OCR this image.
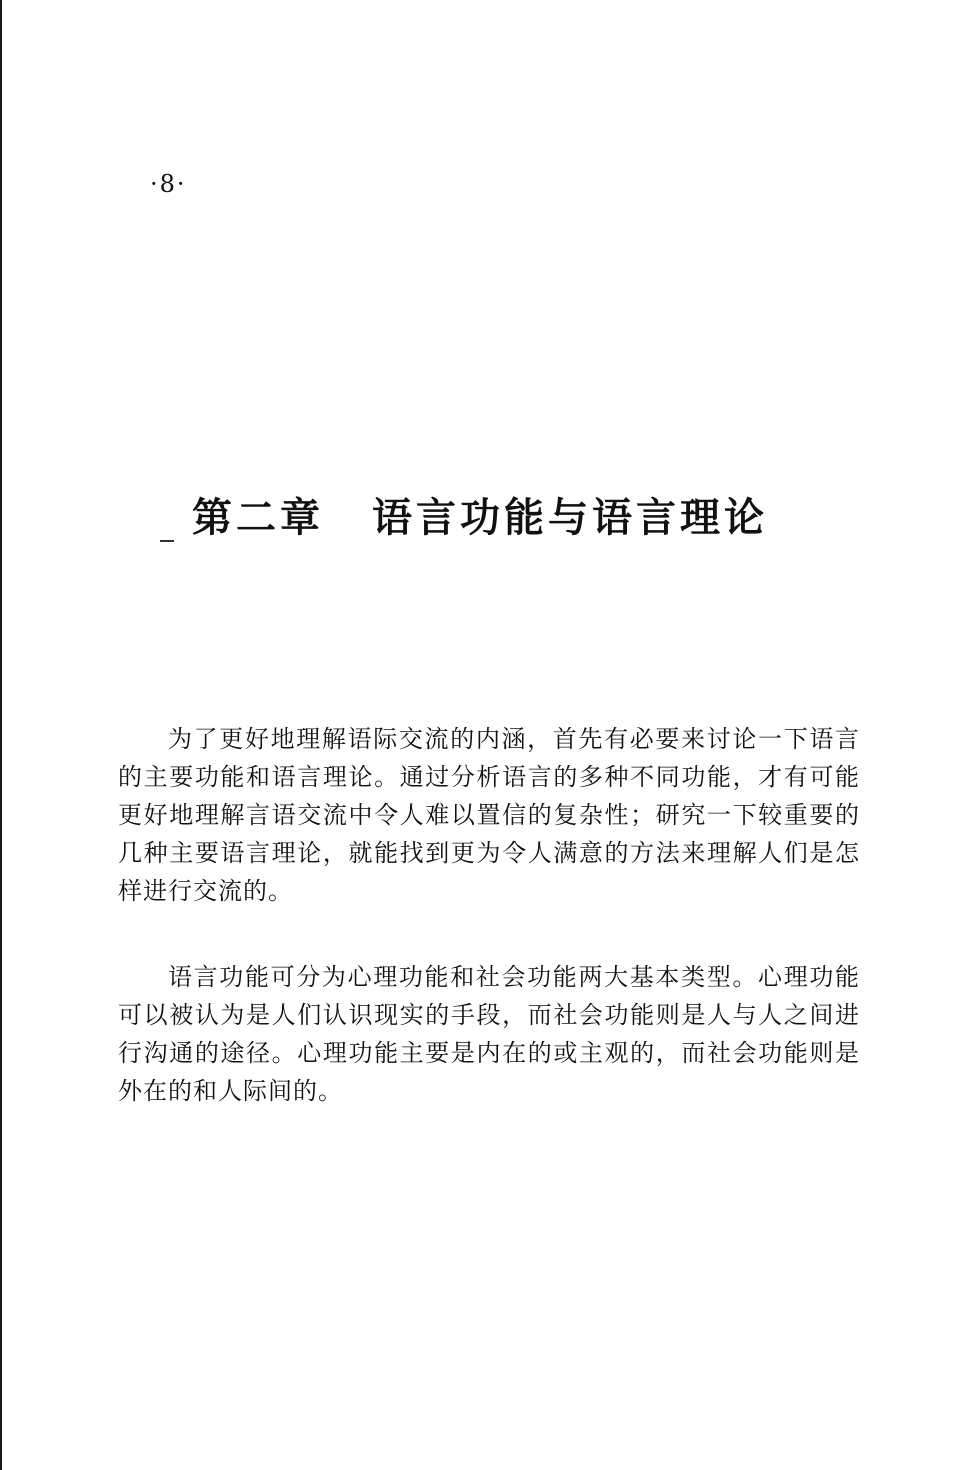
·8·
第二章 语言功能与语言理论

为了更好地理解语际交流的内涵，首先有必要来讨论一下语言的主要功能和语言理论。通过分析语言的多种不同功能，才有可能更好地理解言语交流中令人难以置信的复杂性；研究一下较重要的几种主要语言理论，就能找到更为令人满意的方法来理解人们是怎样进行交流的。

语言功能可分为心理功能和社会功能两大基本类型。心理功能可以被认为是人们认识现实的手段，而社会功能则是人与人之间进行沟通的途径。心理功能主要是内在的或主观的，而社会功能则是外在的和人际间的。
